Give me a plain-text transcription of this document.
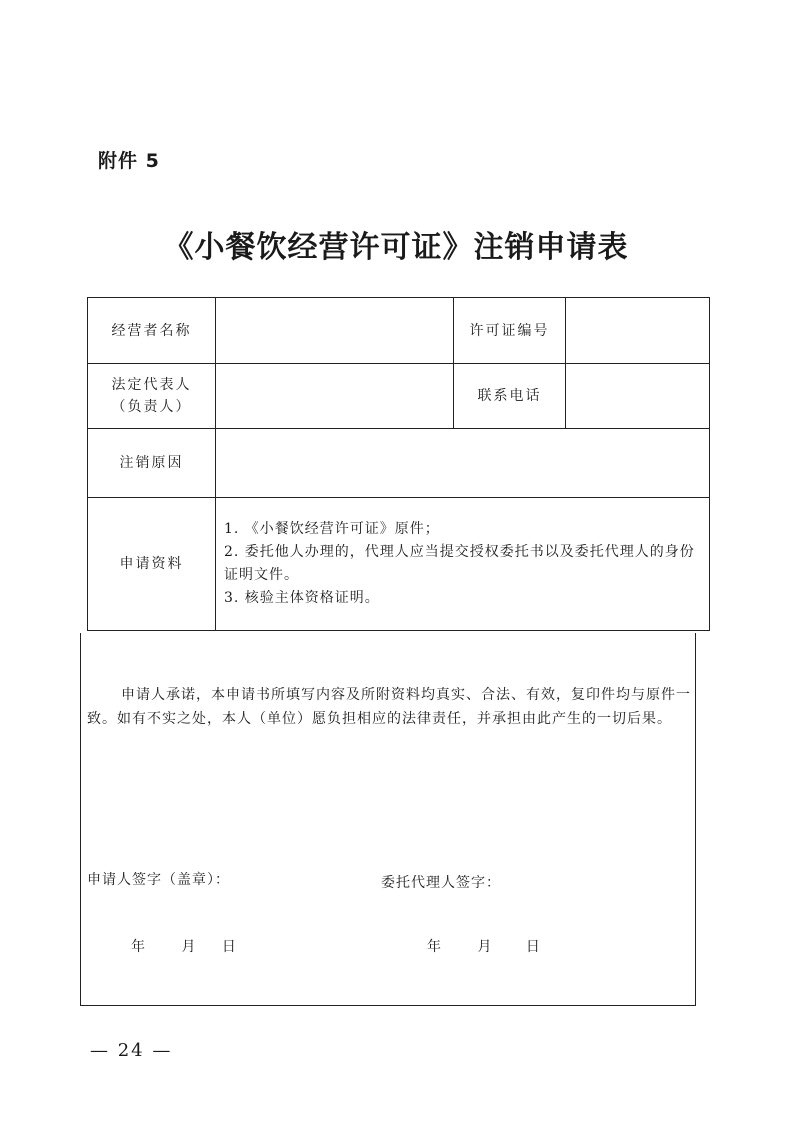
附件 5
《小餐饮经营许可证》注销申请表
经营者名称		许可证编号	

法定代表人
（负责人）		联系电话	
注销原因			
申请资料	1. 《小餐饮经营许可证》原件；
2. 委托他人办理的，代理人应当提交授权委托书以及委托代理人的身份证明文件。
3. 核验主体资格证明。		

申请人承诺，本申请书所填写内容及所附资料均真实、合法、有效，复印件均与原件一致。如有不实之处，本人（单位）愿负担相应的法律责任，并承担由此产生的一切后果。

申请人签字（盖章）：	委托代理人签字：
年	月 日	年	月 日
— 24 —
